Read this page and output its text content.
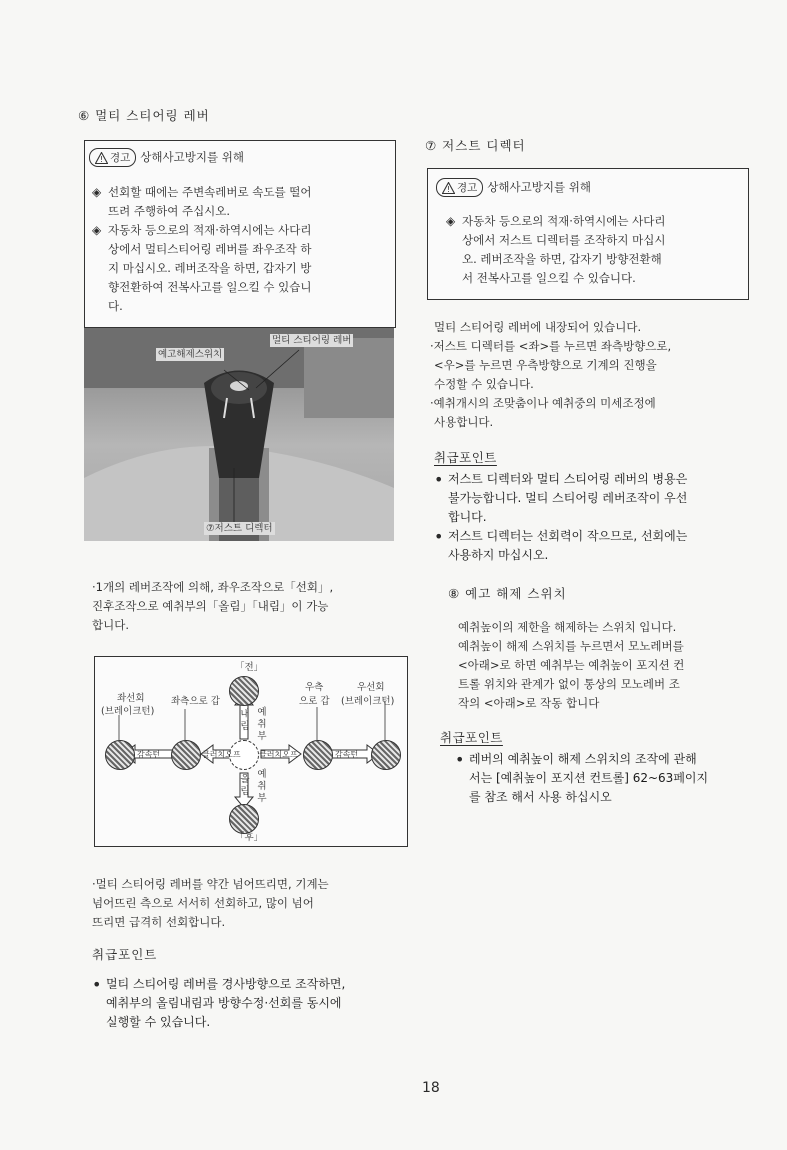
⑥ 멀티 스티어링 레버
! 경고 상해사고방지를 위해
◈ 선회할 때에는 주변속레버로 속도를 떨어
뜨려 주행하여 주십시오.
◈ 자동차 등으로의 적재·하역시에는 사다리
상에서 멀티스티어링 레버를 좌우조작 하
지 마십시오. 레버조작을 하면, 갑자기 방
향전환하여 전복사고를 일으킬 수 있습니
다.
예고해제스위치
멀티 스티어링 레버
⑦저스트 디렉터
·1개의 레버조작에 의해, 좌우조작으로「선회」,
진후조작으로 예취부의「올림」「내림」이 가능
합니다.
「전」
「후」
좌선회
(브레이크턴)
좌측으로 갑
우측
으로 갑
우선회
(브레이크턴)
감속턴	클러치오프 클러치오프	감속턴
내림
올림
예취부
예취부
·멀티 스티어링 레버를 약간 넘어뜨리면, 기계는
넘어뜨린 측으로 서서히 선회하고, 많이 넘어
뜨리면 급격히 선회합니다.
취급포인트
• 멀티 스티어링 레버를 경사방향으로 조작하면,
예취부의 올림내림과 방향수정·선회를 동시에
실행할 수 있습니다.
⑦ 저스트 디렉터
! 경고 상해사고방지를 위해
◈ 자동차 등으로의 적재·하역시에는 사다리
상에서 저스트 디렉터를 조작하지 마십시
오. 레버조작을 하면, 갑자기 방향전환해
서 전복사고를 일으킬 수 있습니다.
멀티 스티어링 레버에 내장되어 있습니다.
·저스트 디렉터를 <좌>를 누르면 좌측방향으로,
<우>를 누르면 우측방향으로 기계의 진행을
수정할 수 있습니다.
·예취개시의 조맞춤이나 예취중의 미세조정에
사용합니다.
취급포인트
• 저스트 디렉터와 멀티 스티어링 레버의 병용은
불가능합니다. 멀티 스티어링 레버조작이 우선
합니다.
• 저스트 디렉터는 선회력이 작으므로, 선회에는
사용하지 마십시오.
⑧ 예고 해제 스위치
예취높이의 제한을 해제하는 스위치 입니다.
예취높이 해제 스위치를 누르면서 모노레버를
<아래>로 하면 예취부는 예취높이 포지션 컨
트롤 위치와 관계가 없이 통상의 모노레버 조
작의 <아래>로 작동 합니다
취급포인트
• 레버의 예취높이 해제 스위치의 조작에 관해
서는 [예취높이 포지션 컨트롤] 62~63페이지
를 참조 해서 사용 하십시오
18
